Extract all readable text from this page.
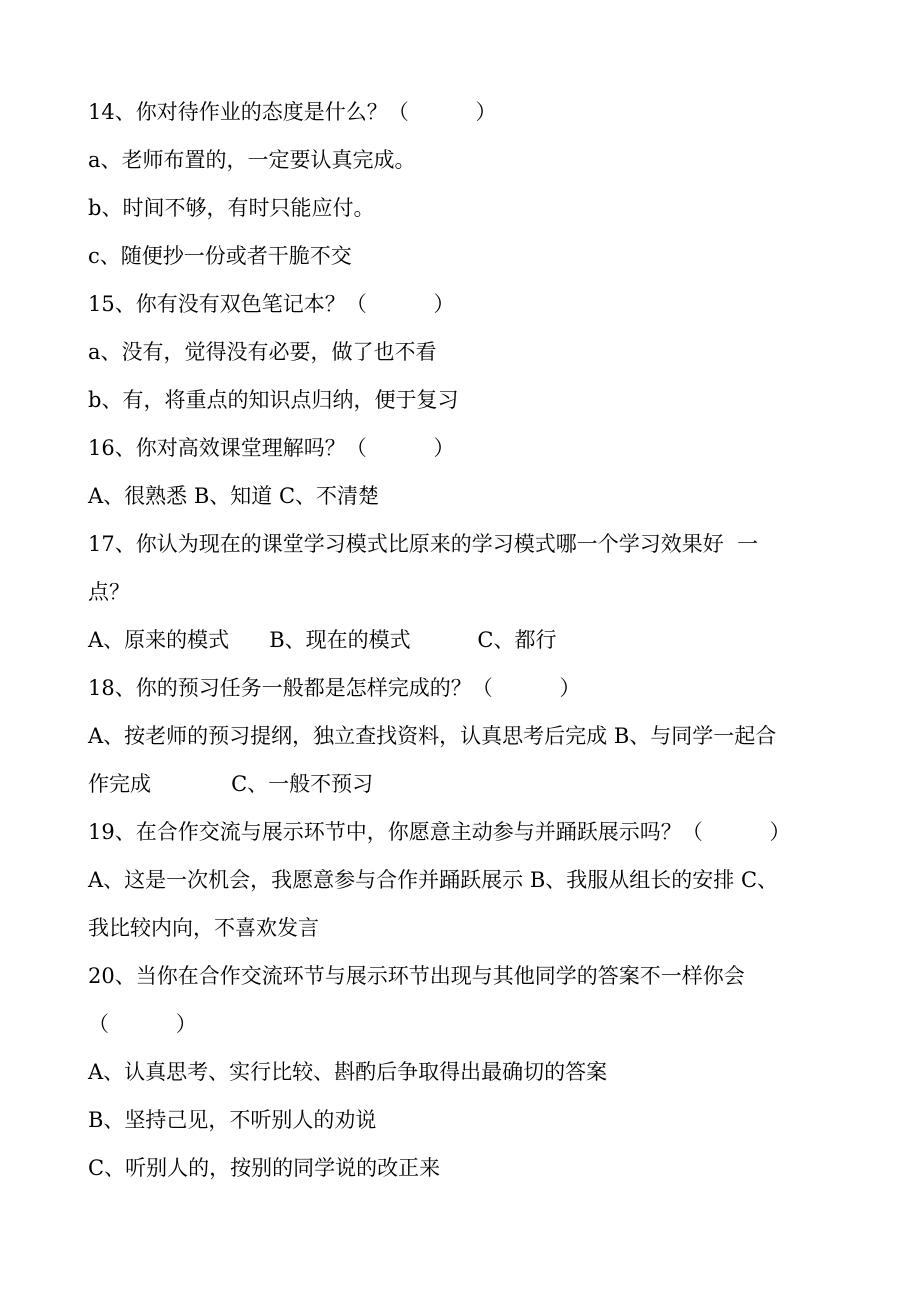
14、你对待作业的态度是什么？（          ）
a、老师布置的，一定要认真完成。
b、时间不够，有时只能应付。
c、随便抄一份或者干脆不交
15、你有没有双色笔记本？（          ）
a、没有，觉得没有必要，做了也不看
b、有，将重点的知识点归纳，便于复习
16、你对高效课堂理解吗？（          ）
A、很熟悉 B、知道 C、不清楚
17、你认为现在的课堂学习模式比原来的学习模式哪一个学习效果好  一
点？
A、原来的模式      B、现在的模式          C、都行
18、你的预习任务一般都是怎样完成的？（          ）
A、按老师的预习提纲，独立查找资料，认真思考后完成 B、与同学一起合
作完成            C、一般不预习
19、在合作交流与展示环节中，你愿意主动参与并踊跃展示吗？（          ）
A、这是一次机会，我愿意参与合作并踊跃展示 B、我服从组长的安排 C、
我比较内向，不喜欢发言
20、当你在合作交流环节与展示环节出现与其他同学的答案不一样你会
（          ）
A、认真思考、实行比较、斟酌后争取得出最确切的答案
B、坚持己见，不听别人的劝说
C、听别人的，按别的同学说的改正来
